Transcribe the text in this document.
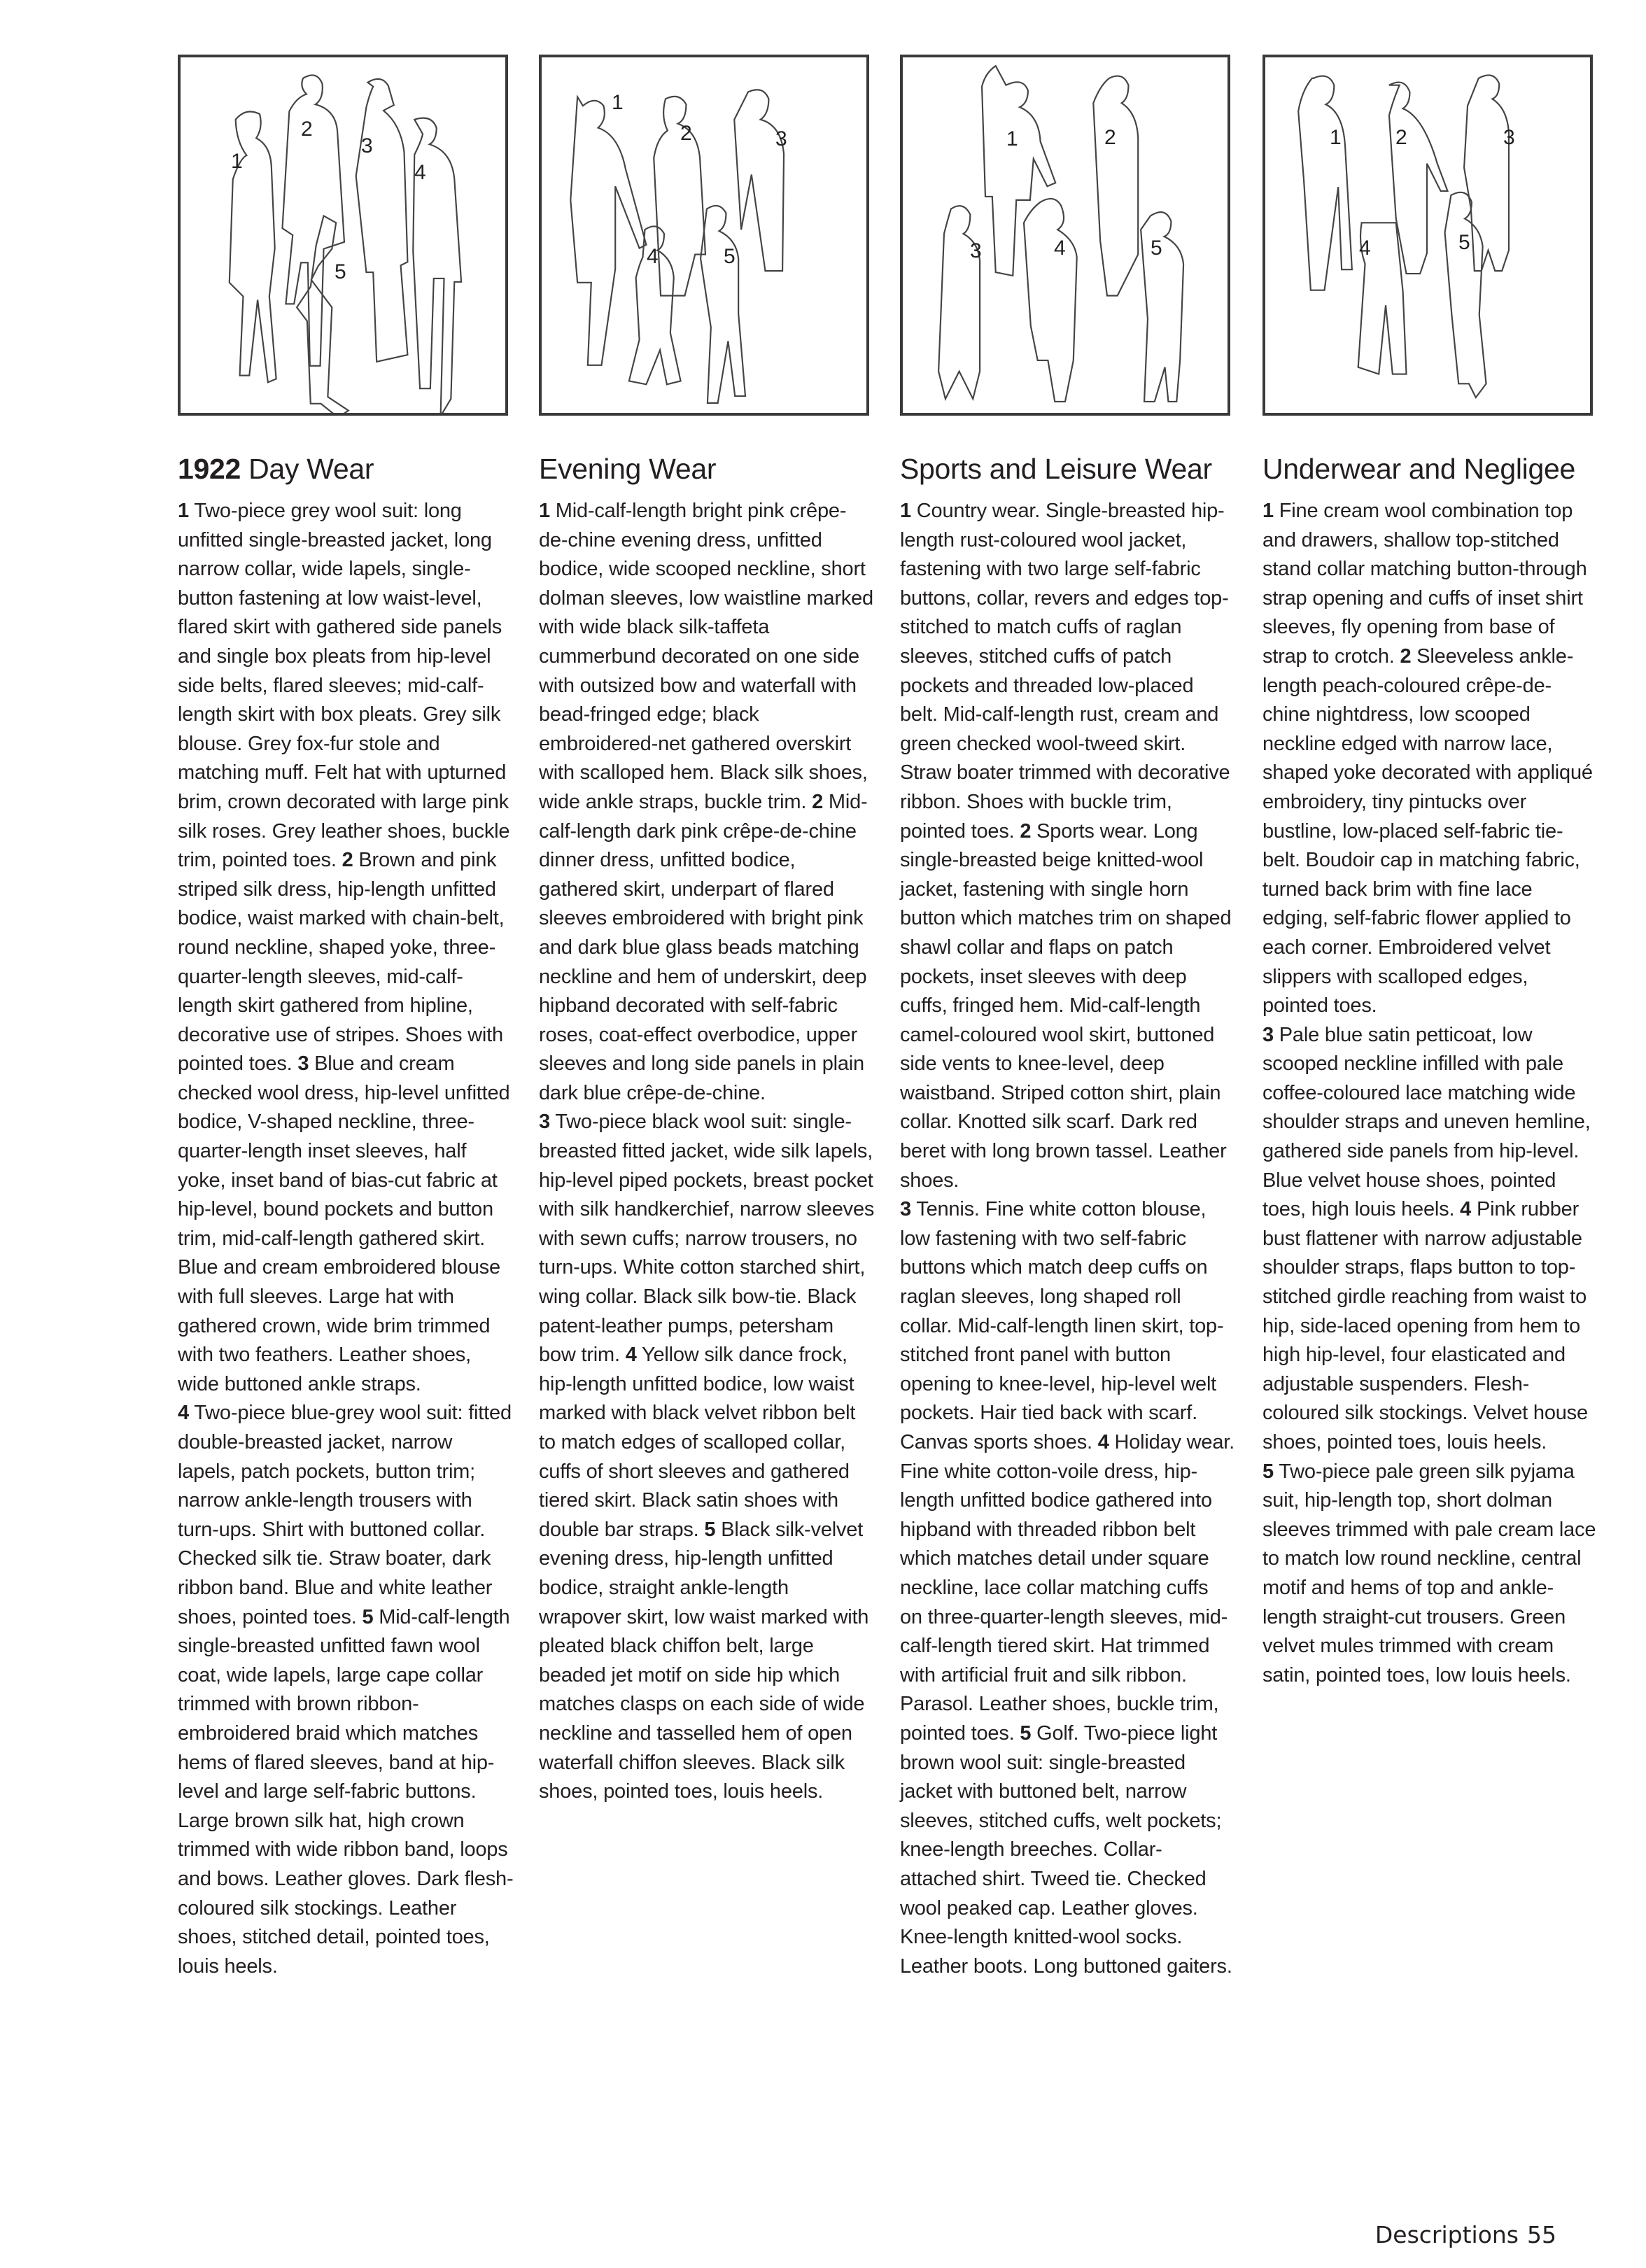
1
2
3
4
5
1922 Day Wear
1 Two-piece grey wool suit: long unfitted single-breasted jacket, long narrow collar, wide lapels, single-button fastening at low waist-level, flared skirt with gathered side panels and single box pleats from hip-level side belts, flared sleeves; mid-calf-length skirt with box pleats. Grey silk blouse. Grey fox-fur stole and matching muff. Felt hat with upturned brim, crown decorated with large pink silk roses. Grey leather shoes, buckle trim, pointed toes. 2 Brown and pink striped silk dress, hip-length unfitted bodice, waist marked with chain-belt, round neckline, shaped yoke, three-quarter-length sleeves, mid-calf-length skirt gathered from hipline, decorative use of stripes. Shoes with pointed toes. 3 Blue and cream checked wool dress, hip-level unfitted bodice, V-shaped neckline, three-quarter-length inset sleeves, half yoke, inset band of bias-cut fabric at hip-level, bound pockets and button trim, mid-calf-length gathered skirt. Blue and cream embroidered blouse with full sleeves. Large hat with gathered crown, wide brim trimmed with two feathers. Leather shoes, wide buttoned ankle straps.
4 Two-piece blue-grey wool suit: fitted double-breasted jacket, narrow lapels, patch pockets, button trim; narrow ankle-length trousers with turn-ups. Shirt with buttoned collar. Checked silk tie. Straw boater, dark ribbon band. Blue and white leather shoes, pointed toes. 5 Mid-calf-length single-breasted unfitted fawn wool coat, wide lapels, large cape collar trimmed with brown ribbon-embroidered braid which matches hems of flared sleeves, band at hip-level and large self-fabric buttons. Large brown silk hat, high crown trimmed with wide ribbon band, loops and bows. Leather gloves. Dark flesh-coloured silk stockings. Leather shoes, stitched detail, pointed toes, louis heels.
1
2	3
4	5
Evening Wear
1 Mid-calf-length bright pink crêpe-de-chine evening dress, unfitted bodice, wide scooped neckline, short dolman sleeves, low waistline marked with wide black silk-taffeta cummerbund decorated on one side with outsized bow and waterfall with bead-fringed edge; black embroidered-net gathered overskirt with scalloped hem. Black silk shoes, wide ankle straps, buckle trim. 2 Mid-calf-length dark pink crêpe-de-chine dinner dress, unfitted bodice, gathered skirt, underpart of flared sleeves embroidered with bright pink and dark blue glass beads matching neckline and hem of underskirt, deep hipband decorated with self-fabric roses, coat-effect overbodice, upper sleeves and long side panels in plain dark blue crêpe-de-chine.
3 Two-piece black wool suit: single-breasted fitted jacket, wide silk lapels, hip-level piped pockets, breast pocket with silk handkerchief, narrow sleeves with sewn cuffs; narrow trousers, no turn-ups. White cotton starched shirt, wing collar. Black silk bow-tie. Black patent-leather pumps, petersham bow trim. 4 Yellow silk dance frock, hip-length unfitted bodice, low waist marked with black velvet ribbon belt to match edges of scalloped collar, cuffs of short sleeves and gathered tiered skirt. Black satin shoes with double bar straps. 5 Black silk-velvet evening dress, hip-length unfitted bodice, straight ankle-length wrapover skirt, low waist marked with pleated black chiffon belt, large beaded jet motif on side hip which matches clasps on each side of wide neckline and tasselled hem of open waterfall chiffon sleeves. Black silk shoes, pointed toes, louis heels.
1	2
3	4	5
Sports and Leisure Wear
1 Country wear. Single-breasted hip-length rust-coloured wool jacket, fastening with two large self-fabric buttons, collar, revers and edges top-stitched to match cuffs of raglan sleeves, stitched cuffs of patch pockets and threaded low-placed belt. Mid-calf-length rust, cream and green checked wool-tweed skirt. Straw boater trimmed with decorative ribbon. Shoes with buckle trim, pointed toes. 2 Sports wear. Long single-breasted beige knitted-wool jacket, fastening with single horn button which matches trim on shaped shawl collar and flaps on patch pockets, inset sleeves with deep cuffs, fringed hem. Mid-calf-length camel-coloured wool skirt, buttoned side vents to knee-level, deep waistband. Striped cotton shirt, plain collar. Knotted silk scarf. Dark red beret with long brown tassel. Leather shoes.
3 Tennis. Fine white cotton blouse, low fastening with two self-fabric buttons which match deep cuffs on raglan sleeves, long shaped roll collar. Mid-calf-length linen skirt, top-stitched front panel with button opening to knee-level, hip-level welt pockets. Hair tied back with scarf. Canvas sports shoes. 4 Holiday wear. Fine white cotton-voile dress, hip-length unfitted bodice gathered into hipband with threaded ribbon belt which matches detail under square neckline, lace collar matching cuffs on three-quarter-length sleeves, mid-calf-length tiered skirt. Hat trimmed with artificial fruit and silk ribbon. Parasol. Leather shoes, buckle trim, pointed toes. 5 Golf. Two-piece light brown wool suit: single-breasted jacket with buttoned belt, narrow sleeves, stitched cuffs, welt pockets; knee-length breeches. Collar-attached shirt. Tweed tie. Checked wool peaked cap. Leather gloves. Knee-length knitted-wool socks. Leather boots. Long buttoned gaiters.
1	2	3
4	5
Underwear and Negligee
1 Fine cream wool combination top and drawers, shallow top-stitched stand collar matching button-through strap opening and cuffs of inset shirt sleeves, fly opening from base of strap to crotch. 2 Sleeveless ankle-length peach-coloured crêpe-de-chine nightdress, low scooped neckline edged with narrow lace, shaped yoke decorated with appliqué embroidery, tiny pintucks over bustline, low-placed self-fabric tie-belt. Boudoir cap in matching fabric, turned back brim with fine lace edging, self-fabric flower applied to each corner. Embroidered velvet slippers with scalloped edges, pointed toes.
3 Pale blue satin petticoat, low scooped neckline infilled with pale coffee-coloured lace matching wide shoulder straps and uneven hemline, gathered side panels from hip-level. Blue velvet house shoes, pointed toes, high louis heels. 4 Pink rubber bust flattener with narrow adjustable shoulder straps, flaps button to top-stitched girdle reaching from waist to hip, side-laced opening from hem to high hip-level, four elasticated and adjustable suspenders. Flesh-coloured silk stockings. Velvet house shoes, pointed toes, louis heels.
5 Two-piece pale green silk pyjama suit, hip-length top, short dolman sleeves trimmed with pale cream lace to match low round neckline, central motif and hems of top and ankle-length straight-cut trousers. Green velvet mules trimmed with cream satin, pointed toes, low louis heels.
Descriptions 55
